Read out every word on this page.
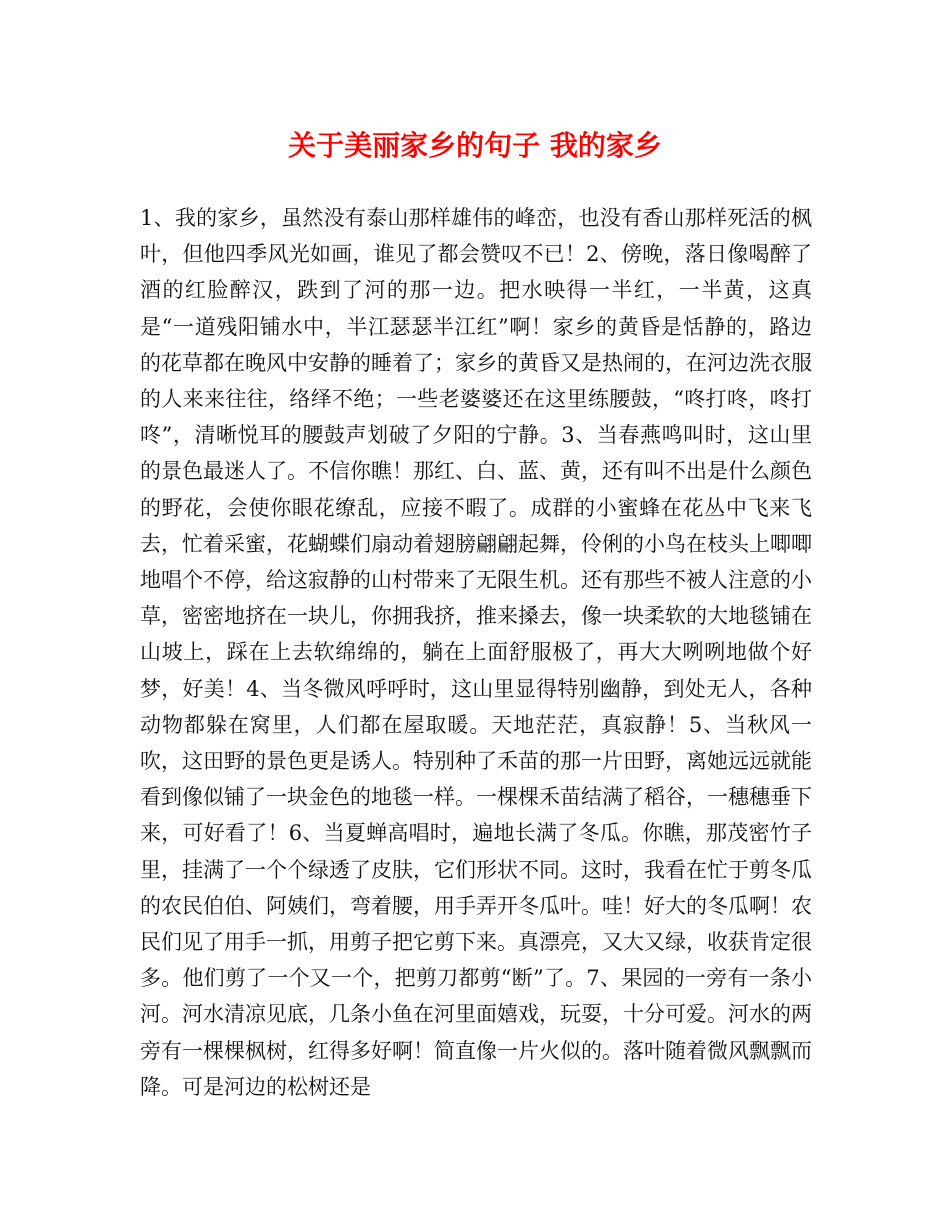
关于美丽家乡的句子 我的家乡

1、我的家乡，虽然没有泰山那样雄伟的峰峦，也没有香山那样死活的枫叶，但他四季风光如画，谁见了都会赞叹不已！2、傍晚，落日像喝醉了酒的红脸醉汉，跌到了河的那一边。把水映得一半红，一半黄，这真是“一道残阳铺水中，半江瑟瑟半江红”啊！家乡的黄昏是恬静的，路边的花草都在晚风中安静的睡着了；家乡的黄昏又是热闹的，在河边洗衣服的人来来往往，络绎不绝；一些老婆婆还在这里练腰鼓，“咚打咚，咚打咚”，清晰悦耳的腰鼓声划破了夕阳的宁静。3、当春燕鸣叫时，这山里的景色最迷人了。不信你瞧！那红、白、蓝、黄，还有叫不出是什么颜色的野花，会使你眼花缭乱，应接不暇了。成群的小蜜蜂在花丛中飞来飞去，忙着采蜜，花蝴蝶们扇动着翅膀翩翩起舞，伶俐的小鸟在枝头上唧唧地唱个不停，给这寂静的山村带来了无限生机。还有那些不被人注意的小草，密密地挤在一块儿，你拥我挤，推来搡去，像一块柔软的大地毯铺在山坡上，踩在上去软绵绵的，躺在上面舒服极了，再大大咧咧地做个好梦，好美！4、当冬微风呼呼时，这山里显得特别幽静，到处无人，各种动物都躲在窝里，人们都在屋取暖。天地茫茫，真寂静！5、当秋风一吹，这田野的景色更是诱人。特别种了禾苗的那一片田野，离她远远就能看到像似铺了一块金色的地毯一样。一棵棵禾苗结满了稻谷，一穗穗垂下来，可好看了！6、当夏蝉高唱时，遍地长满了冬瓜。你瞧，那茂密竹子里，挂满了一个个绿透了皮肤，它们形状不同。这时，我看在忙于剪冬瓜的农民伯伯、阿姨们，弯着腰，用手弄开冬瓜叶。哇！好大的冬瓜啊！农民们见了用手一抓，用剪子把它剪下来。真漂亮，又大又绿，收获肯定很多。他们剪了一个又一个，把剪刀都剪“断”了。7、果园的一旁有一条小河。河水清凉见底，几条小鱼在河里面嬉戏，玩耍，十分可爱。河水的两旁有一棵棵枫树，红得多好啊！简直像一片火似的。落叶随着微风飘飘而降。可是河边的松树还是
